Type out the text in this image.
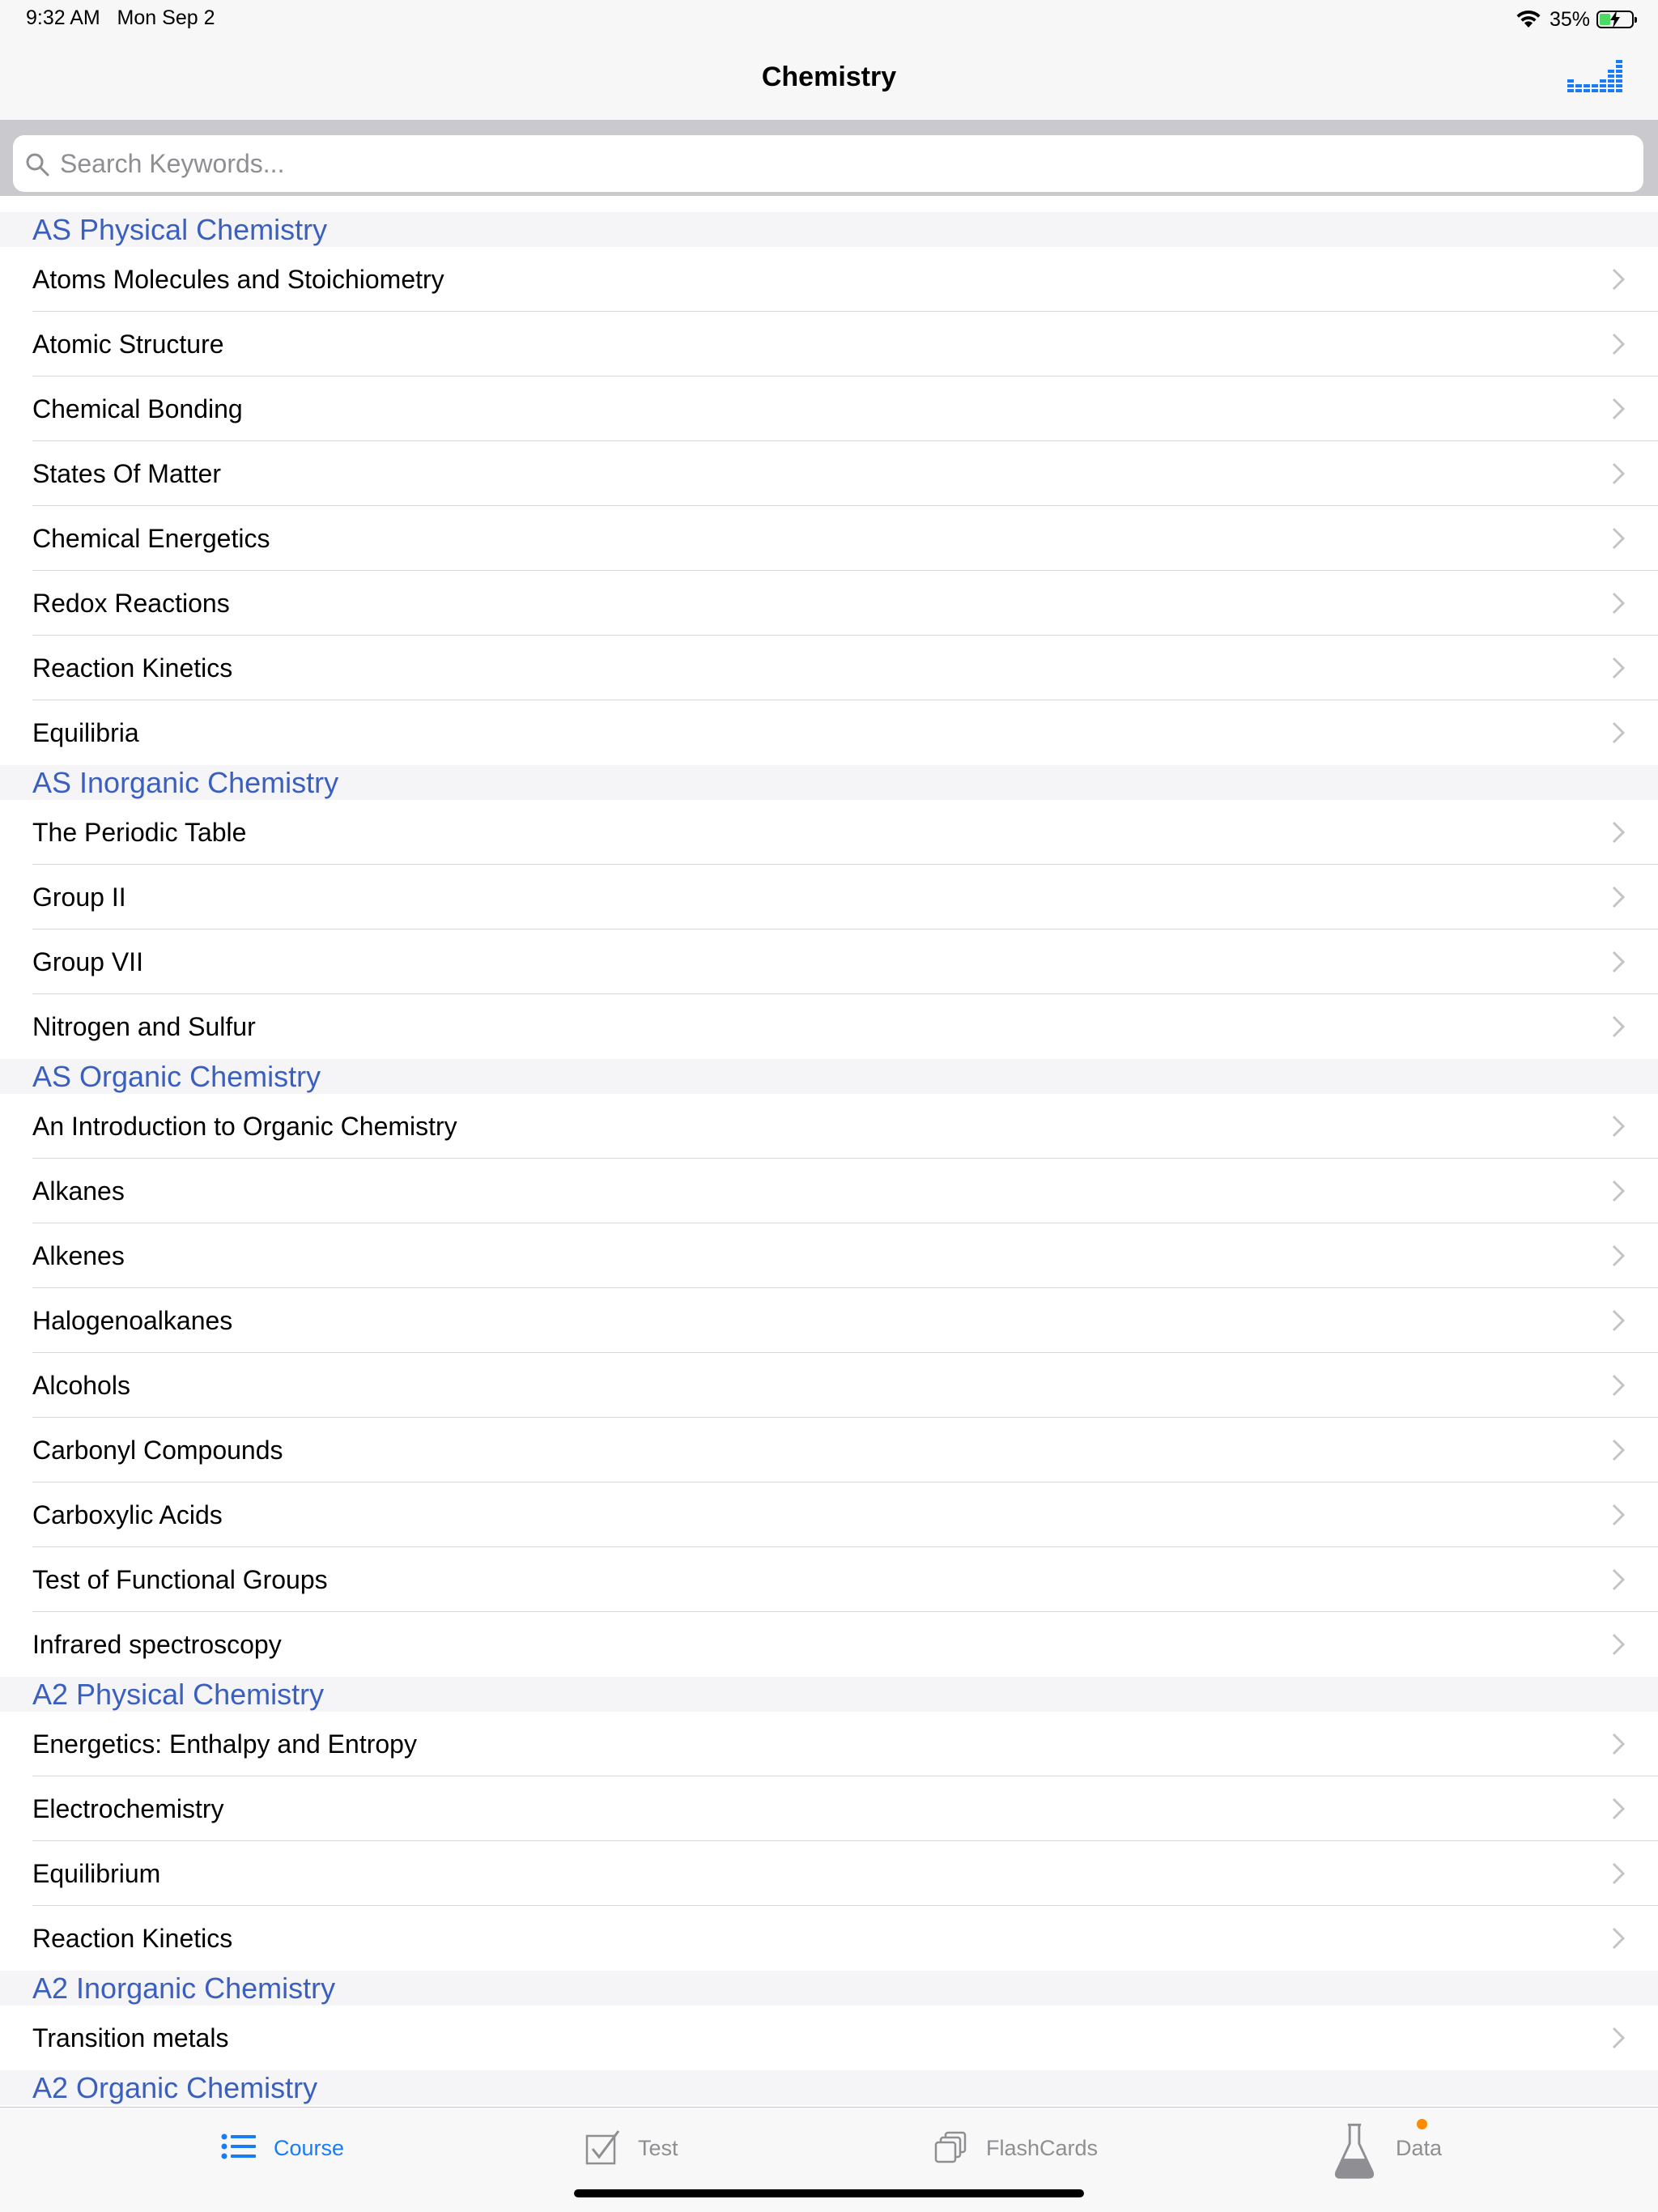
9:32 AM   Mon Sep 2	35%
Chemistry
Search Keywords...
AS Physical Chemistry
Atoms Molecules and Stoichiometry
Atomic Structure
Chemical Bonding
States Of Matter
Chemical Energetics
Redox Reactions
Reaction Kinetics
Equilibria
AS Inorganic Chemistry
The Periodic Table
Group II
Group VII
Nitrogen and Sulfur
AS Organic Chemistry
An Introduction to Organic Chemistry
Alkanes
Alkenes
Halogenoalkanes
Alcohols
Carbonyl Compounds
Carboxylic Acids
Test of Functional Groups
Infrared spectroscopy
A2 Physical Chemistry
Energetics: Enthalpy and Entropy
Electrochemistry
Equilibrium
Reaction Kinetics
A2 Inorganic Chemistry
Transition metals
A2 Organic Chemistry
Course	Test	FlashCards	Data
